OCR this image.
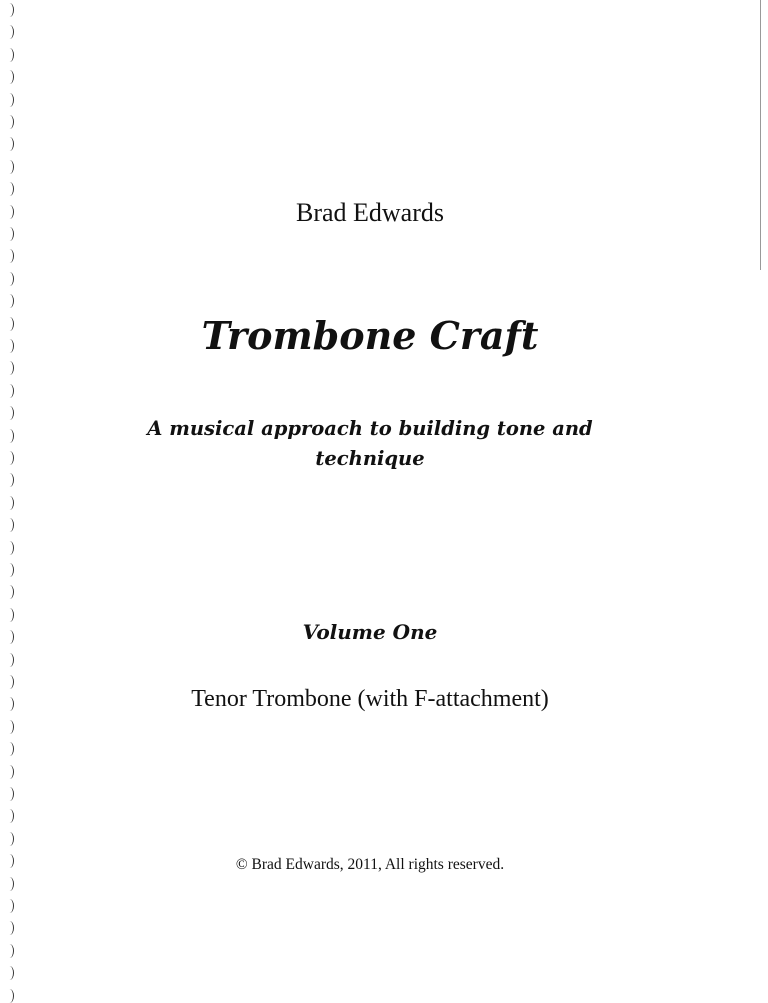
Brad Edwards
Trombone Craft
A musical approach to building tone and
technique
Volume One
Tenor Trombone (with F-attachment)
© Brad Edwards, 2011, All rights reserved.
